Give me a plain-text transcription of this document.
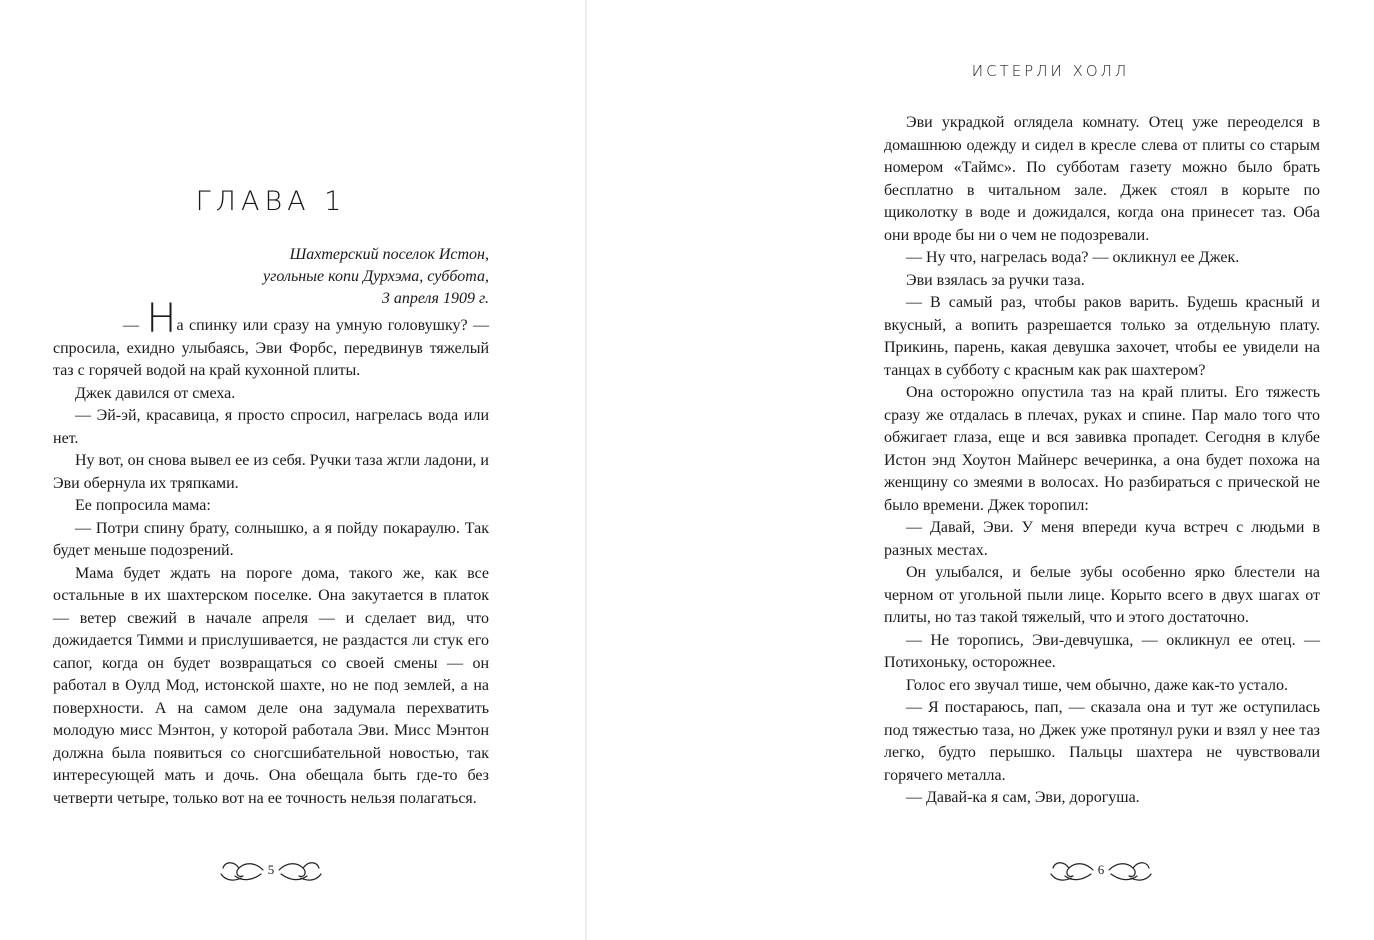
ГЛАВА 1
Шахтерский поселок Истон,
угольные копи Дурхэма, суббота,
3 апреля 1909 г.

— На спинку или сразу на умную головушку? — спросила, ехидно улыбаясь, Эви Форбс, передвинув тяжелый таз с горячей водой на край кухонной плиты.

Джек давился от смеха.

— Эй-эй, красавица, я просто спросил, нагрелась вода или нет.

Ну вот, он снова вывел ее из себя. Ручки таза жгли ладони, и Эви обернула их тряпками.

Ее попросила мама:

— Потри спину брату, солнышко, а я пойду покараулю. Так будет меньше подозрений.

Мама будет ждать на пороге дома, такого же, как все остальные в их шахтерском поселке. Она закутается в платок — ветер свежий в начале апреля — и сделает вид, что дожидается Тимми и прислушивается, не раздастся ли стук его сапог, когда он будет возвращаться со своей смены — он работал в Оулд Мод, истонской шахте, но не под землей, а на поверхности. А на самом деле она задумала перехватить молодую мисс Мэнтон, у которой работала Эви. Мисс Мэнтон должна была появиться со сногсшибательной новостью, так интересующей мать и дочь. Она обещала быть где-то без четверти четыре, только вот на ее точность нельзя полагаться.

5
ИСТЕРЛИ ХОЛЛ

Эви украдкой оглядела комнату. Отец уже переоделся в домашнюю одежду и сидел в кресле слева от плиты со старым номером «Таймс». По субботам газету можно было брать бесплатно в читальном зале. Джек стоял в корыте по щиколотку в воде и дожидался, когда она принесет таз. Оба они вроде бы ни о чем не подозревали.

— Ну что, нагрелась вода? — окликнул ее Джек.

Эви взялась за ручки таза.

— В самый раз, чтобы раков варить. Будешь красный и вкусный, а вопить разрешается только за отдельную плату. Прикинь, парень, какая девушка захочет, чтобы ее увидели на танцах в субботу с красным как рак шахтером?

Она осторожно опустила таз на край плиты. Его тяжесть сразу же отдалась в плечах, руках и спине. Пар мало того что обжигает глаза, еще и вся завивка пропадет. Сегодня в клубе Истон энд Хоутон Майнерс вечеринка, а она будет похожа на женщину со змеями в волосах. Но разбираться с прической не было времени. Джек торопил:

— Давай, Эви. У меня впереди куча встреч с людьми в разных местах.

Он улыбался, и белые зубы особенно ярко блестели на черном от угольной пыли лице. Корыто всего в двух шагах от плиты, но таз такой тяжелый, что и этого достаточно.

— Не торопись, Эви-девчушка, — окликнул ее отец. — Потихоньку, осторожнее.

Голос его звучал тише, чем обычно, даже как-то устало.

— Я постараюсь, пап, — сказала она и тут же оступилась под тяжестью таза, но Джек уже протянул руки и взял у нее таз легко, будто перышко. Пальцы шахтера не чувствовали горячего металла.

— Давай-ка я сам, Эви, дорогуша.

6
